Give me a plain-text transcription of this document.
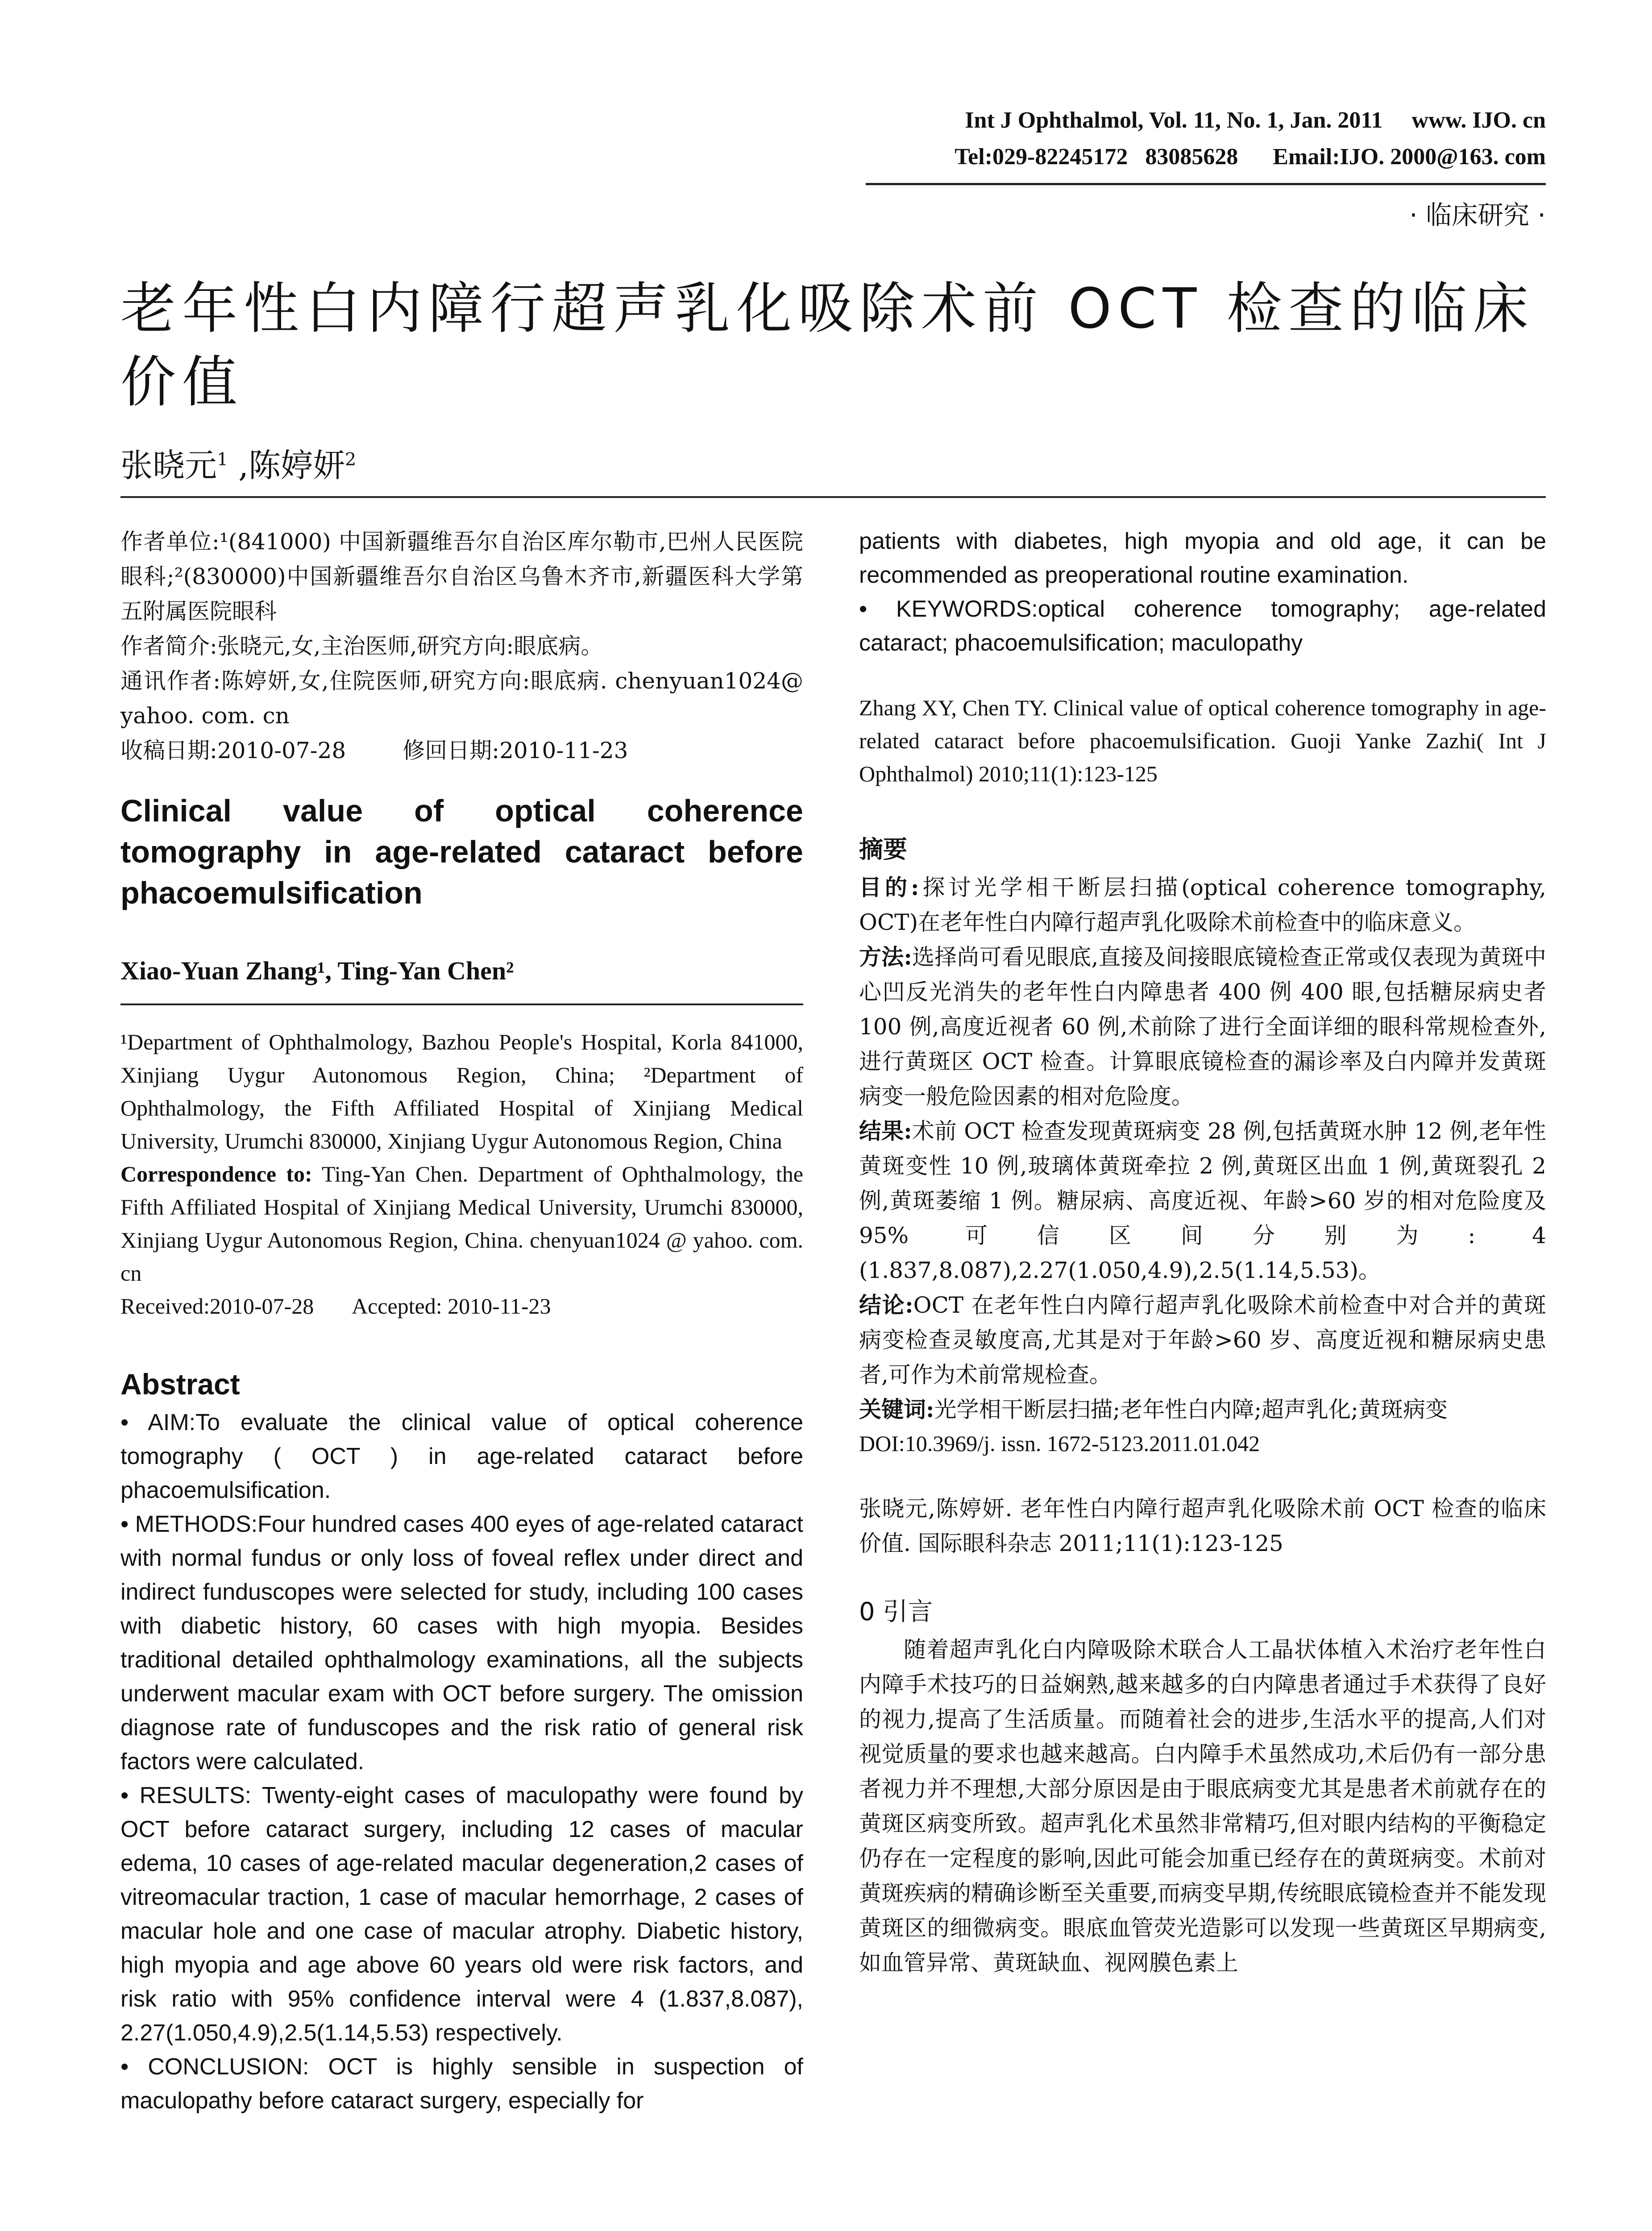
Int J Ophthalmol, Vol. 11, No. 1, Jan. 2011     www. IJO. cn
Tel:029-82245172   83085628      Email:IJO. 2000@163. com
· 临床研究 ·
老年性白内障行超声乳化吸除术前 OCT 检查的临床价值
张晓元$^1$ ,陈婷妍$^2$

作者单位:¹(841000) 中国新疆维吾尔自治区库尔勒市,巴州人民医院眼科;²(830000)中国新疆维吾尔自治区乌鲁木齐市,新疆医科大学第五附属医院眼科

作者简介:张晓元,女,主治医师,研究方向:眼底病。

通讯作者:陈婷妍,女,住院医师,研究方向:眼底病. chenyuan1024@ yahoo. com. cn

收稿日期:2010-07-28        修回日期:2010-11-23

Clinical value of optical coherence tomography in age-related cataract before phacoemulsification

Xiao-Yuan Zhang¹, Ting-Yan Chen²

¹Department of Ophthalmology, Bazhou People's Hospital, Korla 841000, Xinjiang Uygur Autonomous Region, China; ²Department of Ophthalmology, the Fifth Affiliated Hospital of Xinjiang Medical University, Urumchi 830000, Xinjiang Uygur Autonomous Region, China

Correspondence to: Ting-Yan Chen. Department of Ophthalmology, the Fifth Affiliated Hospital of Xinjiang Medical University, Urumchi 830000, Xinjiang Uygur Autonomous Region, China. chenyuan1024 @ yahoo. com. cn

Received:2010-07-28       Accepted: 2010-11-23

Abstract

• AIM:To evaluate the clinical value of optical coherence tomography ( OCT ) in age-related cataract before phacoemulsification.

• METHODS:Four hundred cases 400 eyes of age-related cataract with normal fundus or only loss of foveal reflex under direct and indirect funduscopes were selected for study, including 100 cases with diabetic history, 60 cases with high myopia. Besides traditional detailed ophthalmology examinations, all the subjects underwent macular exam with OCT before surgery. The omission diagnose rate of funduscopes and the risk ratio of general risk factors were calculated.

• RESULTS: Twenty-eight cases of maculopathy were found by OCT before cataract surgery, including 12 cases of macular edema, 10 cases of age-related macular degeneration,2 cases of vitreomacular traction, 1 case of macular hemorrhage, 2 cases of macular hole and one case of macular atrophy. Diabetic history, high myopia and age above 60 years old were risk factors, and risk ratio with 95% confidence interval were 4 (1.837,8.087), 2.27(1.050,4.9),2.5(1.14,5.53) respectively.

• CONCLUSION: OCT is highly sensible in suspection of maculopathy before cataract surgery, especially for

patients with diabetes, high myopia and old age, it can be recommended as preoperational routine examination.

• KEYWORDS:optical coherence tomography; age-related cataract; phacoemulsification; maculopathy

Zhang XY, Chen TY. Clinical value of optical coherence tomography in age-related cataract before phacoemulsification. Guoji Yanke Zazhi( Int J Ophthalmol) 2010;11(1):123-125

摘要

目的:探讨光学相干断层扫描(optical coherence tomography, OCT)在老年性白内障行超声乳化吸除术前检查中的临床意义。

方法:选择尚可看见眼底,直接及间接眼底镜检查正常或仅表现为黄斑中心凹反光消失的老年性白内障患者 400 例 400 眼,包括糖尿病史者 100 例,高度近视者 60 例,术前除了进行全面详细的眼科常规检查外,进行黄斑区 OCT 检查。计算眼底镜检查的漏诊率及白内障并发黄斑病变一般危险因素的相对危险度。

结果:术前 OCT 检查发现黄斑病变 28 例,包括黄斑水肿 12 例,老年性黄斑变性 10 例,玻璃体黄斑牵拉 2 例,黄斑区出血 1 例,黄斑裂孔 2 例,黄斑萎缩 1 例。糖尿病、高度近视、年龄>60 岁的相对危险度及 95% 可信区间分别为: 4 (1.837,8.087),2.27(1.050,4.9),2.5(1.14,5.53)。

结论:OCT 在老年性白内障行超声乳化吸除术前检查中对合并的黄斑病变检查灵敏度高,尤其是对于年龄>60 岁、高度近视和糖尿病史患者,可作为术前常规检查。

关键词:光学相干断层扫描;老年性白内障;超声乳化;黄斑病变

DOI:10.3969/j. issn. 1672-5123.2011.01.042

张晓元,陈婷妍. 老年性白内障行超声乳化吸除术前 OCT 检查的临床价值. 国际眼科杂志 2011;11(1):123-125

0 引言

随着超声乳化白内障吸除术联合人工晶状体植入术治疗老年性白内障手术技巧的日益娴熟,越来越多的白内障患者通过手术获得了良好的视力,提高了生活质量。而随着社会的进步,生活水平的提高,人们对视觉质量的要求也越来越高。白内障手术虽然成功,术后仍有一部分患者视力并不理想,大部分原因是由于眼底病变尤其是患者术前就存在的黄斑区病变所致。超声乳化术虽然非常精巧,但对眼内结构的平衡稳定仍存在一定程度的影响,因此可能会加重已经存在的黄斑病变。术前对黄斑疾病的精确诊断至关重要,而病变早期,传统眼底镜检查并不能发现黄斑区的细微病变。眼底血管荧光造影可以发现一些黄斑区早期病变,如血管异常、黄斑缺血、视网膜色素上
